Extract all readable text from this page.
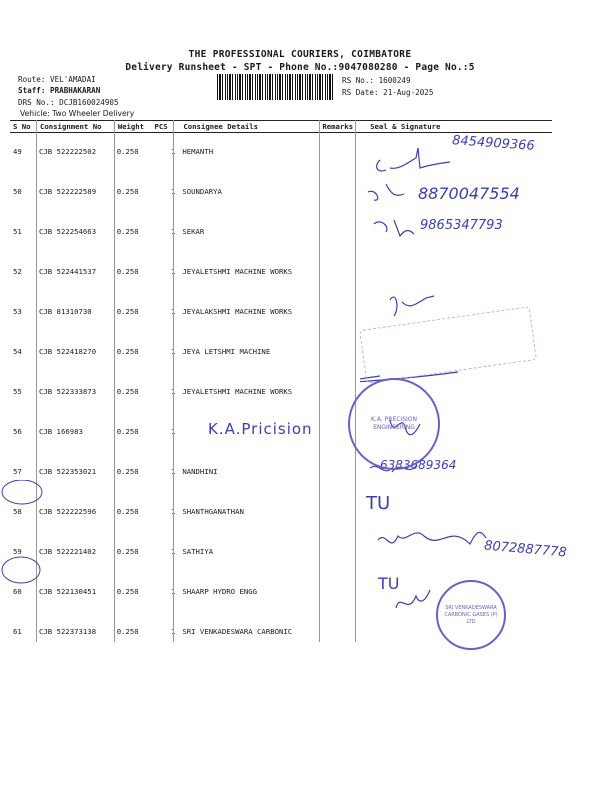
THE PROFESSIONAL COURIERS, COIMBATORE
Delivery Runsheet - SPT - Phone No.:9047080280 - Page No.:5
Route: VEL'AMADAI
Staff: PRABHAKARAN
DRS No.: DCJB160024905
Vehicle: Two Wheeler Delivery
RS No.: 1600249
RS Date: 21-Aug-2025
S No	Consignment No	Weight	PCS	Consignee Details	Remarks	Seal & Signature
49	CJB 522222502	0.250	1	HEMANTH		
50	CJB 522222589	0.250	1	SOUNDARYA		
51	CJB 522254663	0.250	1	SEKAR		
52	CJB 522441537	0.250	1	JEYALETSHMI MACHINE WORKS		
53	CJB 81310730	0.250	1	JEYALAKSHMI MACHINE WORKS		
54	CJB 522418270	0.250	1	JEYA LETSHMI MACHINE		
55	CJB 522333873	0.250	1	JEYALETSHMI MACHINE WORKS		
56	CJB 166983	0.250	1			
57	CJB 522353021	0.250	1	NANDHINI		
58	CJB 522222596	0.250	1	SHANTHGANATHAN		
59	CJB 522221402	0.250	1	SATHIYA		
60	CJB 522130451	0.250	1	SHAARP HYDRO ENGG		
61	CJB 522373138	0.250	1	SRI VENKADESWARA CARBONIC		
8454909366
8870047554
9865347793
K.A.Pricision
6383689364
TU
8072887778
TU
K.A. PRECISION ENGINEERING
SRI VENKADESWARA CARBONIC GASES (P) LTD
